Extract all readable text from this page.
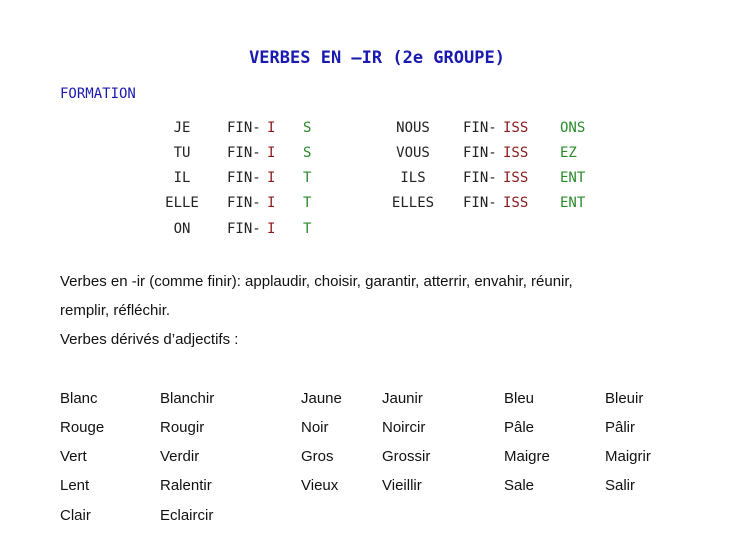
VERBES EN –IR (2e GROUPE)
FORMATION
JE	FIN- I S
TU	FIN- I S
IL	FIN- I T
ELLE	FIN- I T
ON	FIN- I T
NOUS	FIN- ISS ONS
VOUS	FIN- ISS EZ
ILS	FIN- ISS ENT
ELLES	FIN- ISS ENT
Verbes en -ir (comme finir): applaudir, choisir, garantir, atterrir, envahir, réunir,
remplir, réfléchir.
Verbes dérivés d’adjectifs :
Blanc	Blanchir	Jaune	Jaunir	Bleu	Bleuir
Rouge	Rougir	Noir	Noircir	Pâle	Pâlir
Vert	Verdir	Gros	Grossir	Maigre	Maigrir
Lent	Ralentir	Vieux	Vieillir	Sale	Salir
Clair	Eclaircir
